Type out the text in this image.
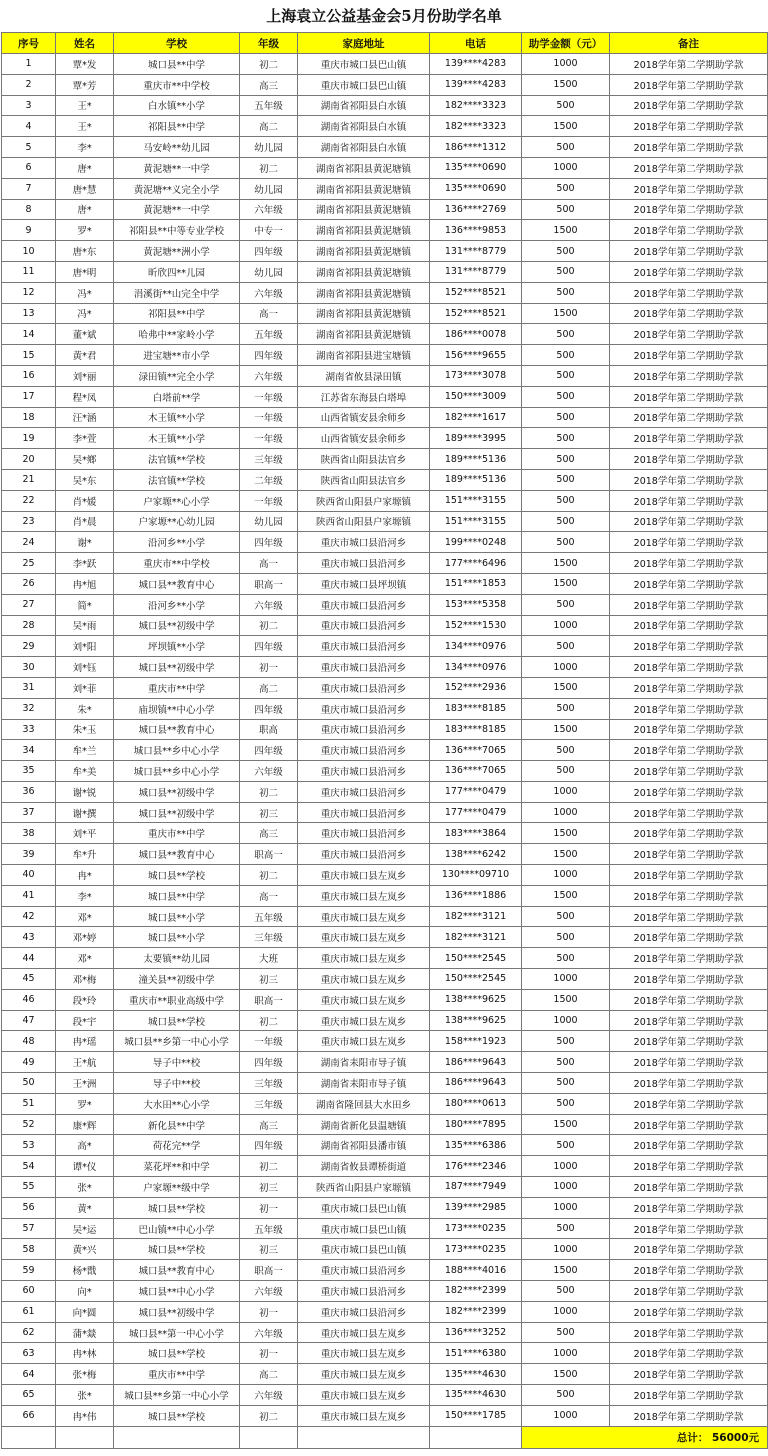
上海袁立公益基金会5月份助学名单
序号	姓名	学校	年级	家庭地址	电话	助学金额（元）	备注
1	覃*发	城口县**中学	初二	重庆市城口县巴山镇	139****4283	1000	2018学年第二学期助学款
2	覃*芳	重庆市**中学校	高三	重庆市城口县巴山镇	139****4283	1500	2018学年第二学期助学款
3	王*	白水镇**小学	五年级	湖南省祁阳县白水镇	182****3323	500	2018学年第二学期助学款
4	王*	祁阳县**中学	高二	湖南省祁阳县白水镇	182****3323	1500	2018学年第二学期助学款
5	李*	马安岭**幼儿园	幼儿园	湖南省祁阳县白水镇	186****1312	500	2018学年第二学期助学款
6	唐*	黄泥塘**一中学	初二	湖南省祁阳县黄泥塘镇	135****0690	1000	2018学年第二学期助学款
7	唐*慧	黄泥塘**义完全小学	幼儿园	湖南省祁阳县黄泥塘镇	135****0690	500	2018学年第二学期助学款
8	唐*	黄泥塘**一中学	六年级	湖南省祁阳县黄泥塘镇	136****2769	500	2018学年第二学期助学款
9	罗*	祁阳县**中等专业学校	中专一	湖南省祁阳县黄泥塘镇	136****9853	1500	2018学年第二学期助学款
10	唐*东	黄泥塘**洲小学	四年级	湖南省祁阳县黄泥塘镇	131****8779	500	2018学年第二学期助学款
11	唐*明	昕欣四**儿园	幼儿园	湖南省祁阳县黄泥塘镇	131****8779	500	2018学年第二学期助学款
12	冯*	涓溪街**山完全中学	六年级	湖南省祁阳县黄泥塘镇	152****8521	500	2018学年第二学期助学款
13	冯*	祁阳县**中学	高一	湖南省祁阳县黄泥塘镇	152****8521	1500	2018学年第二学期助学款
14	董*斌	哈弗中**家岭小学	五年级	湖南省祁阳县黄泥塘镇	186****0078	500	2018学年第二学期助学款
15	黄*君	进宝塘**市小学	四年级	湖南省祁阳县进宝塘镇	156****9655	500	2018学年第二学期助学款
16	刘*丽	渌田镇**完全小学	六年级	湖南省攸县渌田镇	173****3078	500	2018学年第二学期助学款
17	程*凤	白塔前**学	一年级	江苏省东海县白塔埠	150****3009	500	2018学年第二学期助学款
18	汪*涵	木王镇**小学	一年级	山西省镇安县余师乡	182****1617	500	2018学年第二学期助学款
19	李*萱	木王镇**小学	一年级	山西省镇安县余师乡	189****3995	500	2018学年第二学期助学款
20	吴*鄉	法官镇**学校	三年级	陕西省山阳县法官乡	189****5136	500	2018学年第二学期助学款
21	吴*东	法官镇**学校	二年级	陕西省山阳县法官乡	189****5136	500	2018学年第二学期助学款
22	肖*媛	户家塬**心小学	一年级	陕西省山阳县户家塬镇	151****3155	500	2018学年第二学期助学款
23	肖*晨	户家塬**心幼儿园	幼儿园	陕西省山阳县户家塬镇	151****3155	500	2018学年第二学期助学款
24	谢*	沿河乡**小学	四年级	重庆市城口县沿河乡	199****0248	500	2018学年第二学期助学款
25	李*跃	重庆市**中学校	高一	重庆市城口县沿河乡	177****6496	1500	2018学年第二学期助学款
26	冉*旭	城口县**教育中心	职高一	重庆市城口县坪坝镇	151****1853	1500	2018学年第二学期助学款
27	简*	沿河乡**小学	六年级	重庆市城口县沿河乡	153****5358	500	2018学年第二学期助学款
28	吴*雨	城口县**初级中学	初二	重庆市城口县沿河乡	152****1530	1000	2018学年第二学期助学款
29	刘*阳	坪坝镇**小学	四年级	重庆市城口县沿河乡	134****0976	500	2018学年第二学期助学款
30	刘*钰	城口县**初级中学	初一	重庆市城口县沿河乡	134****0976	1000	2018学年第二学期助学款
31	刘*菲	重庆市**中学	高二	重庆市城口县沿河乡	152****2936	1500	2018学年第二学期助学款
32	朱*	庙坝镇**中心小学	四年级	重庆市城口县沿河乡	183****8185	500	2018学年第二学期助学款
33	朱*玉	城口县**教育中心	职高	重庆市城口县沿河乡	183****8185	1500	2018学年第二学期助学款
34	牟*兰	城口县**乡中心小学	四年级	重庆市城口县沿河乡	136****7065	500	2018学年第二学期助学款
35	牟*美	城口县**乡中心小学	六年级	重庆市城口县沿河乡	136****7065	500	2018学年第二学期助学款
36	谢*锐	城口县**初级中学	初二	重庆市城口县沿河乡	177****0479	1000	2018学年第二学期助学款
37	谢*撰	城口县**初级中学	初三	重庆市城口县沿河乡	177****0479	1000	2018学年第二学期助学款
38	刘*平	重庆市**中学	高三	重庆市城口县沿河乡	183****3864	1500	2018学年第二学期助学款
39	牟*升	城口县**教育中心	职高一	重庆市城口县沿河乡	138****6242	1500	2018学年第二学期助学款
40	冉*	城口县**学校	初二	重庆市城口县左岚乡	130****09710	1000	2018学年第二学期助学款
41	李*	城口县**中学	高一	重庆市城口县左岚乡	136****1886	1500	2018学年第二学期助学款
42	邓*	城口县**小学	五年级	重庆市城口县左岚乡	182****3121	500	2018学年第二学期助学款
43	邓*婷	城口县**小学	三年级	重庆市城口县左岚乡	182****3121	500	2018学年第二学期助学款
44	邓*	太要镇**幼儿园	大班	重庆市城口县左岚乡	150****2545	500	2018学年第二学期助学款
45	邓*梅	潼关县**初级中学	初三	重庆市城口县左岚乡	150****2545	1000	2018学年第二学期助学款
46	段*玲	重庆市**职业高级中学	职高一	重庆市城口县左岚乡	138****9625	1500	2018学年第二学期助学款
47	段*宇	城口县**学校	初二	重庆市城口县左岚乡	138****9625	1000	2018学年第二学期助学款
48	冉*瑶	城口县**乡第一中心小学	一年级	重庆市城口县左岚乡	158****1923	500	2018学年第二学期助学款
49	王*航	导子中**校	四年级	湖南省耒阳市导子镇	186****9643	500	2018学年第二学期助学款
50	王*洲	导子中**校	三年级	湖南省耒阳市导子镇	186****9643	500	2018学年第二学期助学款
51	罗*	大水田**心小学	三年级	湖南省隆回县大水田乡	180****0613	500	2018学年第二学期助学款
52	康*辉	新化县**中学	高三	湖南省新化县温塘镇	180****7895	1500	2018学年第二学期助学款
53	高*	荷花完**学	四年级	湖南省祁阳县潘市镇	135****6386	500	2018学年第二学期助学款
54	谭*仪	菜花坪**和中学	初二	湖南省攸县谭桥街道	176****2346	1000	2018学年第二学期助学款
55	张*	户家塬**级中学	初三	陕西省山阳县户家塬镇	187****7949	1000	2018学年第二学期助学款
56	黄*	城口县**学校	初一	重庆市城口县巴山镇	139****2985	1000	2018学年第二学期助学款
57	吴*运	巴山镇**中心小学	五年级	重庆市城口县巴山镇	173****0235	500	2018学年第二学期助学款
58	黄*兴	城口县**学校	初三	重庆市城口县巴山镇	173****0235	1000	2018学年第二学期助学款
59	杨*戬	城口县**教育中心	职高一	重庆市城口县沿河乡	188****4016	1500	2018学年第二学期助学款
60	向*	城口县**中心小学	六年级	重庆市城口县沿河乡	182****2399	500	2018学年第二学期助学款
61	向*圆	城口县**初级中学	初一	重庆市城口县沿河乡	182****2399	1000	2018学年第二学期助学款
62	蒲*燚	城口县**第一中心小学	六年级	重庆市城口县左岚乡	136****3252	500	2018学年第二学期助学款
63	冉*林	城口县**学校	初一	重庆市城口县左岚乡	151****6380	1000	2018学年第二学期助学款
64	张*梅	重庆市**中学	高二	重庆市城口县左岚乡	135****4630	1500	2018学年第二学期助学款
65	张*	城口县**乡第一中心小学	六年级	重庆市城口县左岚乡	135****4630	500	2018学年第二学期助学款
66	冉*伟	城口县**学校	初二	重庆市城口县左岚乡	150****1785	1000	2018学年第二学期助学款
						总计： 56000元	
